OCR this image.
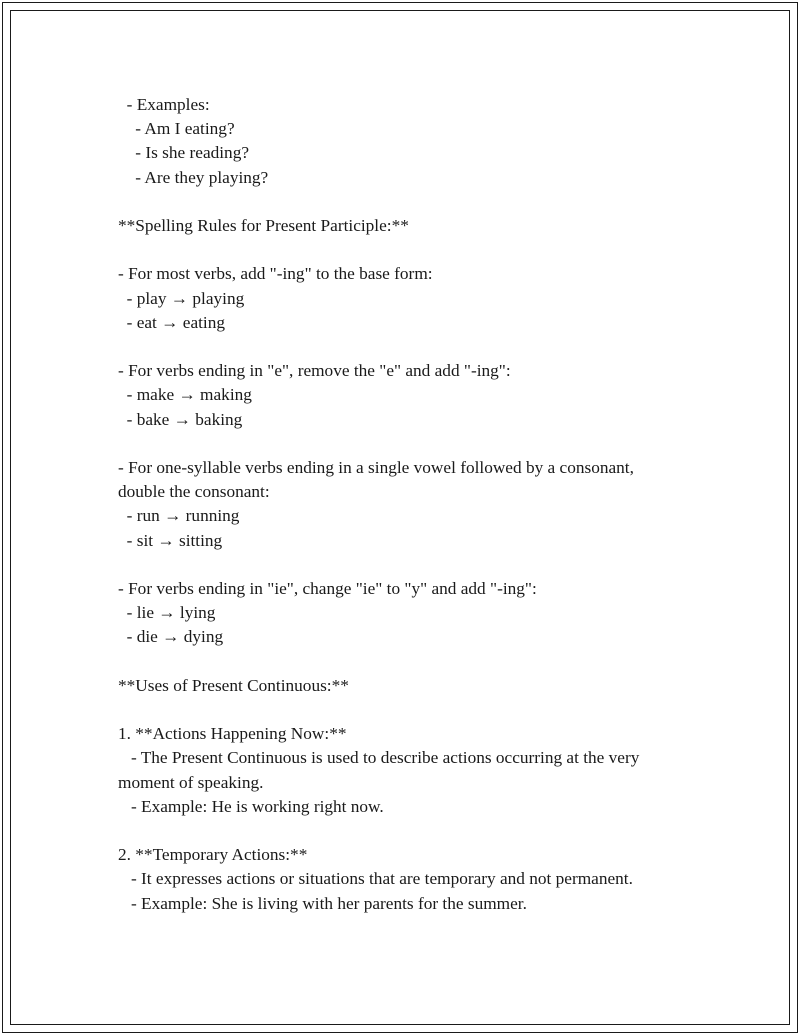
- Examples:
- Am I eating?
- Is she reading?
- Are they playing?
**Spelling Rules for Present Participle:**
- For most verbs, add "-ing" to the base form:
- play → playing
- eat → eating
- For verbs ending in "e", remove the "e" and add "-ing":
- make → making
- bake → baking
- For one-syllable verbs ending in a single vowel followed by a consonant,
double the consonant:
- run → running
- sit → sitting
- For verbs ending in "ie", change "ie" to "y" and add "-ing":
- lie → lying
- die → dying
**Uses of Present Continuous:**
1. **Actions Happening Now:**
- The Present Continuous is used to describe actions occurring at the very
moment of speaking.
- Example: He is working right now.
2. **Temporary Actions:**
- It expresses actions or situations that are temporary and not permanent.
- Example: She is living with her parents for the summer.
